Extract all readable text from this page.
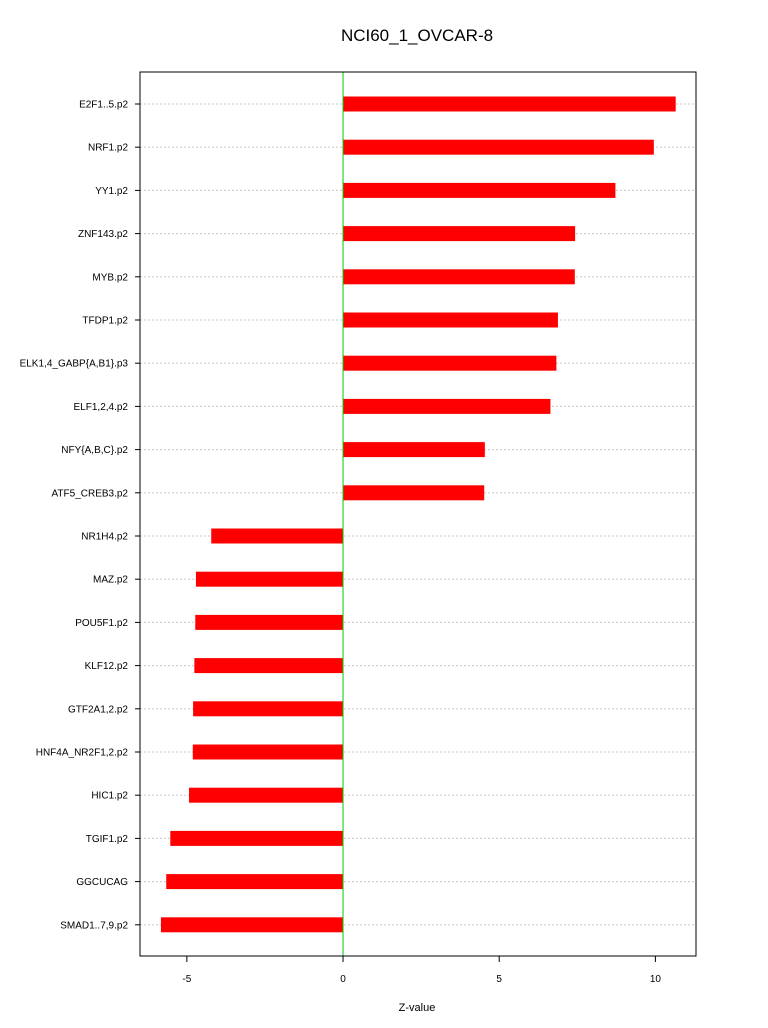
NCI60_1_OVCAR-8
E2F1..5.p2
NRF1.p2
YY1.p2
ZNF143.p2
MYB.p2
TFDP1.p2
ELK1,4_GABP{A,B1}.p3
ELF1,2,4.p2
NFY{A,B,C}.p2
ATF5_CREB3.p2
NR1H4.p2
MAZ.p2
POU5F1.p2
KLF12.p2
GTF2A1,2.p2
HNF4A_NR2F1,2.p2
HIC1.p2
TGIF1.p2
GGCUCAG
SMAD1..7,9.p2
-5	0	5	10
Z-value
